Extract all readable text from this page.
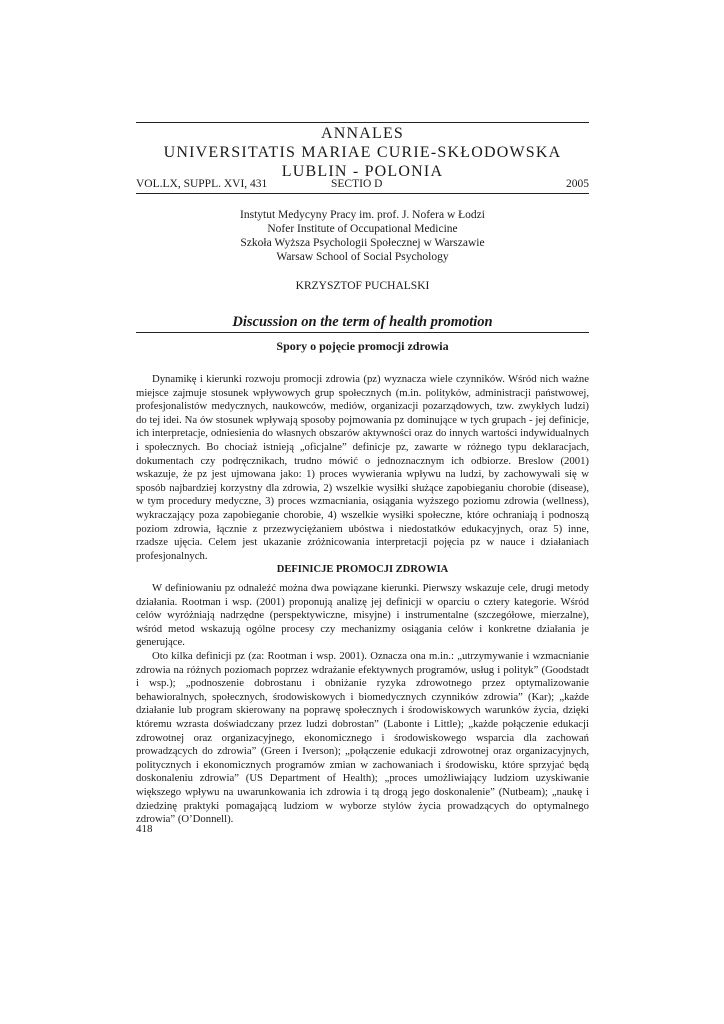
ANNALES
UNIVERSITATIS MARIAE CURIE-SKŁODOWSKA
LUBLIN - POLONIA
VOL.LX, SUPPL. XVI, 431	SECTIO D	2005
Instytut Medycyny Pracy im. prof. J. Nofera w Łodzi
Nofer Institute of Occupational Medicine
Szkoła Wyższa Psychologii Społecznej w Warszawie
Warsaw School of Social Psychology
KRZYSZTOF PUCHALSKI
Discussion on the term of health promotion
Spory o pojęcie promocji zdrowia

Dynamikę i kierunki rozwoju promocji zdrowia (pz) wyznacza wiele czynników. Wśród nich ważne miejsce zajmuje stosunek wpływowych grup społecznych (m.in. polityków, administracji państwowej, profesjonalistów medycznych, naukowców, mediów, organizacji pozarządowych, tzw. zwykłych ludzi) do tej idei. Na ów stosunek wpływają sposoby pojmowania pz dominujące w tych grupach - jej definicje, ich interpretacje, odniesienia do własnych obszarów aktywności oraz do innych wartości indywidualnych i społecznych. Bo chociaż istnieją „oficjalne” definicje pz, zawarte w różnego typu deklaracjach, dokumentach czy podręcznikach, trudno mówić o jednoznacznym ich odbiorze. Breslow (2001) wskazuje, że pz jest ujmowana jako: 1) proces wywierania wpływu na ludzi, by zachowywali się w sposób najbardziej korzystny dla zdrowia, 2) wszelkie wysiłki służące zapobieganiu chorobie (disease), w tym procedury medyczne, 3) proces wzmacniania, osiągania wyższego poziomu zdrowia (wellness), wykraczający poza zapobieganie chorobie, 4) wszelkie wysiłki społeczne, które ochraniają i podnoszą poziom zdrowia, łącznie z przezwyciężaniem ubóstwa i niedostatków edukacyjnych, oraz 5) inne, rzadsze ujęcia. Celem jest ukazanie zróżnicowania interpretacji pojęcia pz w nauce i działaniach profesjonalnych.

DEFINICJE PROMOCJI ZDROWIA

W definiowaniu pz odnaleźć można dwa powiązane kierunki. Pierwszy wskazuje cele, drugi metody działania. Rootman i wsp. (2001) proponują analizę jej definicji w oparciu o cztery kategorie. Wśród celów wyróżniają nadrzędne (perspektywiczne, misyjne) i instrumentalne (szczegółowe, mierzalne), wśród metod wskazują ogólne procesy czy mechanizmy osiągania celów i konkretne działania je generujące.

Oto kilka definicji pz (za: Rootman i wsp. 2001). Oznacza ona m.in.: „utrzymywanie i wzmacnianie zdrowia na różnych poziomach poprzez wdrażanie efektywnych programów, usług i polityk” (Goodstadt i wsp.); „podnoszenie dobrostanu i obniżanie ryzyka zdrowotnego przez optymalizowanie behawioralnych, społecznych, środowiskowych i biomedycznych czynników zdrowia” (Kar); „każde działanie lub program skierowany na poprawę społecznych i środowiskowych warunków życia, dzięki któremu wzrasta doświadczany przez ludzi dobrostan” (Labonte i Little); „każde połączenie edukacji zdrowotnej oraz organizacyjnego, ekonomicznego i środowiskowego wsparcia dla zachowań prowadzących do zdrowia” (Green i Iverson); „połączenie edukacji zdrowotnej oraz organizacyjnych, politycznych i ekonomicznych programów zmian w zachowaniach i środowisku, które sprzyjać będą doskonaleniu zdrowia” (US Department of Health); „proces umożliwiający ludziom uzyskiwanie większego wpływu na uwarunkowania ich zdrowia i tą drogą jego doskonalenie” (Nutbeam); „naukę i dziedzinę praktyki pomagającą ludziom w wyborze stylów życia prowadzących do optymalnego zdrowia” (O’Donnell).

418
